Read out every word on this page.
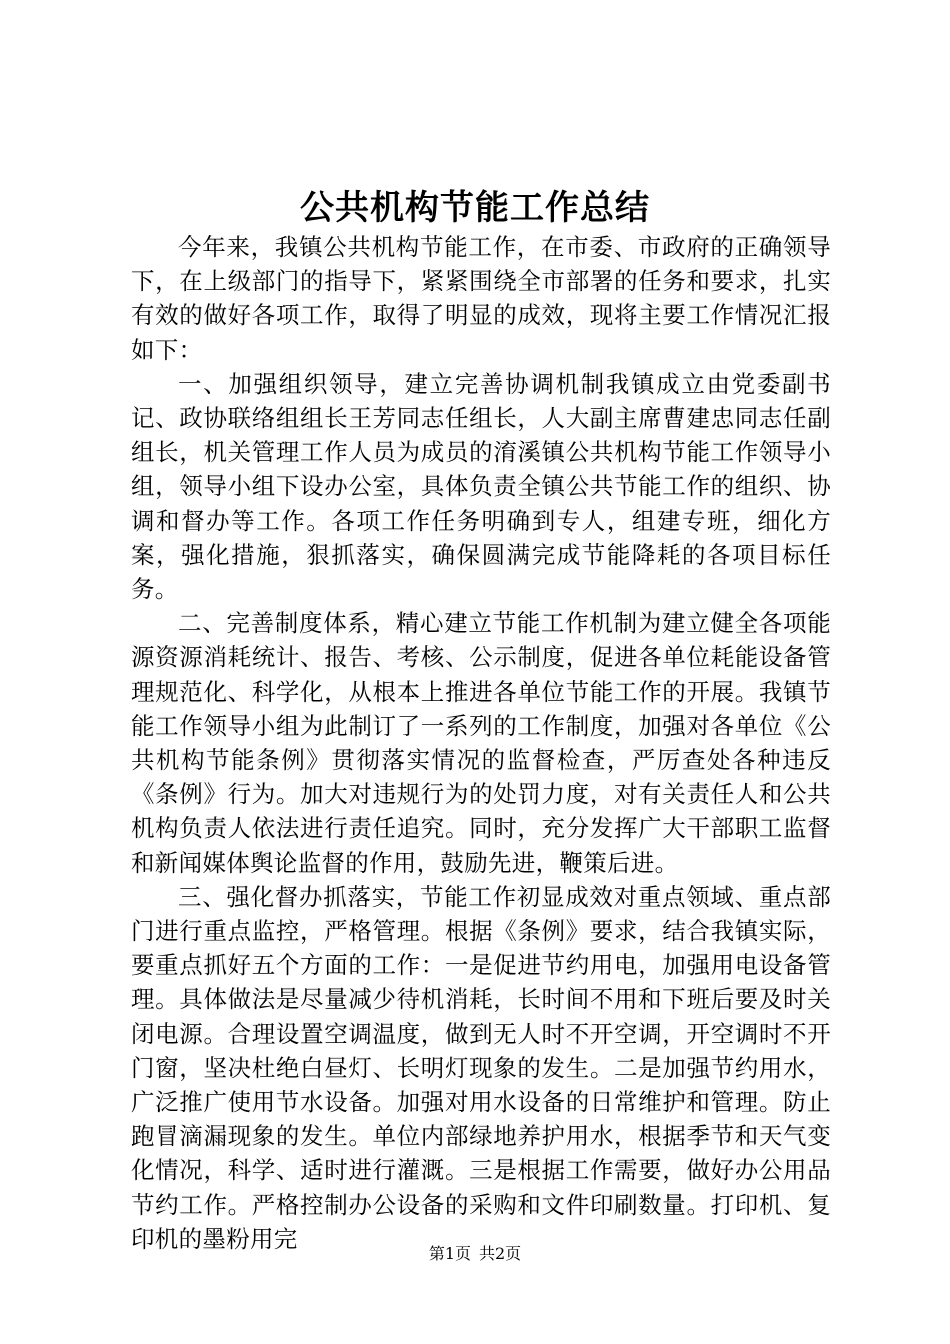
公共机构节能工作总结

今年来，我镇公共机构节能工作，在市委、市政府的正确领导下，在上级部门的指导下，紧紧围绕全市部署的任务和要求，扎实有效的做好各项工作，取得了明显的成效，现将主要工作情况汇报如下：

一、加强组织领导，建立完善协调机制我镇成立由党委副书记、政协联络组组长王芳同志任组长，人大副主席曹建忠同志任副组长，机关管理工作人员为成员的淯溪镇公共机构节能工作领导小组，领导小组下设办公室，具体负责全镇公共节能工作的组织、协调和督办等工作。各项工作任务明确到专人，组建专班，细化方案，强化措施，狠抓落实，确保圆满完成节能降耗的各项目标任务。

二、完善制度体系，精心建立节能工作机制为建立健全各项能源资源消耗统计、报告、考核、公示制度，促进各单位耗能设备管理规范化、科学化，从根本上推进各单位节能工作的开展。我镇节能工作领导小组为此制订了一系列的工作制度，加强对各单位《公共机构节能条例》贯彻落实情况的监督检查，严厉查处各种违反《条例》行为。加大对违规行为的处罚力度，对有关责任人和公共机构负责人依法进行责任追究。同时，充分发挥广大干部职工监督和新闻媒体舆论监督的作用，鼓励先进，鞭策后进。

三、强化督办抓落实，节能工作初显成效对重点领域、重点部门进行重点监控，严格管理。根据《条例》要求，结合我镇实际，要重点抓好五个方面的工作：一是促进节约用电，加强用电设备管理。具体做法是尽量减少待机消耗，长时间不用和下班后要及时关闭电源。合理设置空调温度，做到无人时不开空调，开空调时不开门窗，坚决杜绝白昼灯、长明灯现象的发生。二是加强节约用水，广泛推广使用节水设备。加强对用水设备的日常维护和管理。防止跑冒滴漏现象的发生。单位内部绿地养护用水，根据季节和天气变化情况，科学、适时进行灌溉。三是根据工作需要，做好办公用品节约工作。严格控制办公设备的采购和文件印刷数量。打印机、复印机的墨粉用完

第1页 共2页
